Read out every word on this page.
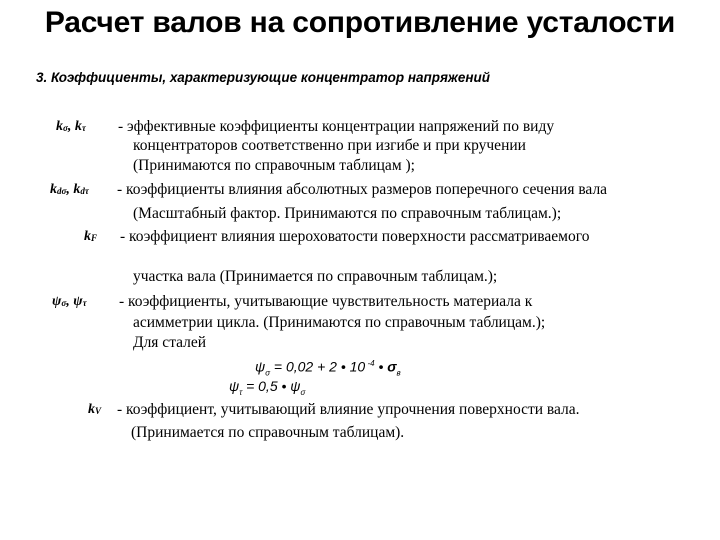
Расчет валов на сопротивление усталости
3. Коэффициенты, характеризующие концентратор напряжений
$k_\sigma$, $k_\tau$ - эффективные коэффициенты концентрации напряжений по виду
концентраторов соответственно при изгибе и при кручении
(Принимаются по справочным таблицам );
$k_{d\sigma}$, $k_{d\tau}$ - коэффициенты влияния абсолютных размеров поперечного сечения вала
(Масштабный фактор. Принимаются по справочным таблицам.);
$k_F$ - коэффициент влияния шероховатости поверхности рассматриваемого
участка вала (Принимается по справочным таблицам.);
$\psi_\sigma$, $\psi_\tau$ - коэффициенты, учитывающие чувствительность материала к
асимметрии цикла. (Принимаются по справочным таблицам.);
Для сталей
$\psi_\sigma = 0,02 + 2$ • 10 $^{-4}$ • $\sigma_в$
$\psi_\tau = 0,5$ • $\psi_\sigma$
$k_V$ - коэффициент, учитывающий влияние упрочнения поверхности вала.
(Принимается по справочным таблицам).
